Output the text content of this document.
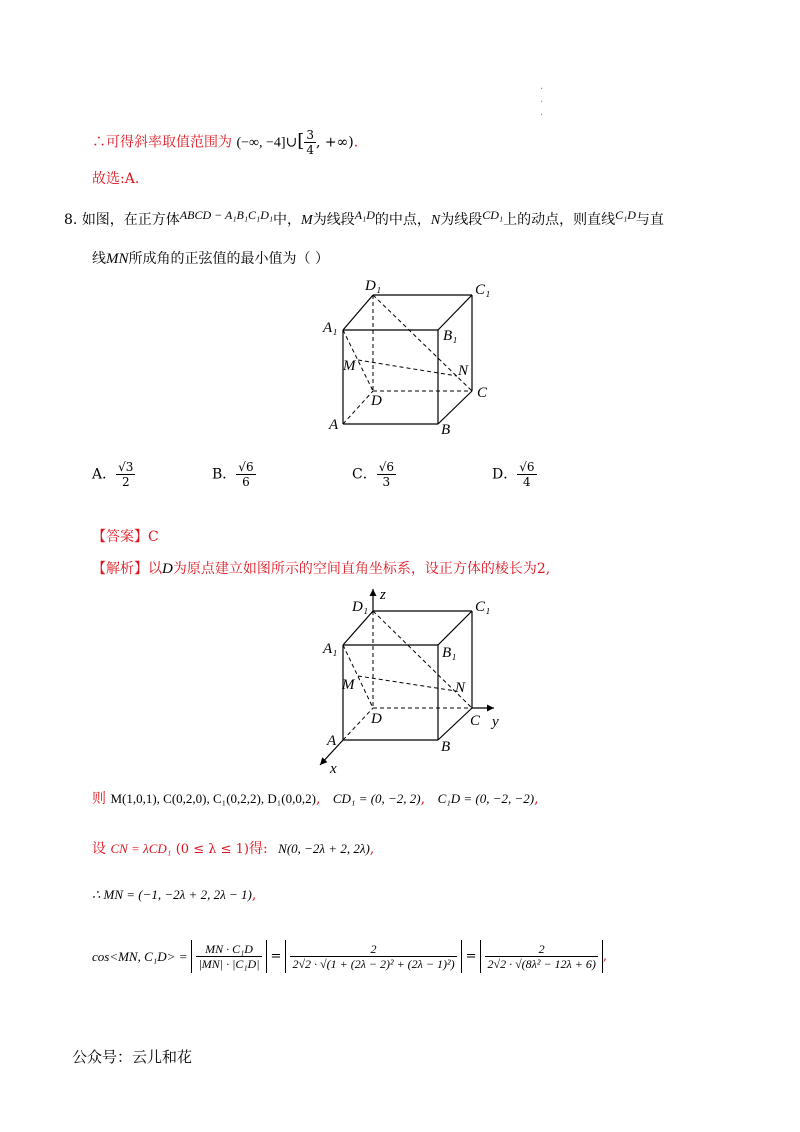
. . .
∴可得斜率取值范围为 (−∞, −4]∪[ $\frac{3}{4}$ , +∞).
故选:A.
8. 如图，在正方体ABCD − A₁B₁C₁D₁中，M为线段A₁D的中点，N为线段CD₁上的动点，则直线C₁D与直
线MN所成角的正弦值的最小值为（ ）
D₁	C₁
A₁	B₁
M	N
D	C
A	B
A． $\frac{√3}{2}$	B． $\frac{√6}{6}$	C． $\frac{√6}{3}$	D． $\frac{√6}{4}$
【答案】C
【解析】以D为原点建立如图所示的空间直角坐标系，设正方体的棱长为2,
z
D₁	C₁
A₁	B₁
M	N
D	C y
A	B
x
则 M(1,0,1), C(0,2,0), C₁(0,2,2), D₁(0,0,2), CD₁ = (0, −2, 2), C₁D = (0, −2, −2),
设 CN = λCD₁ (0 ≤ λ ≤ 1)得: N(0, −2λ + 2, 2λ),
∴ MN = (−1, −2λ + 2, 2λ − 1),
cos<MN, $C_1D> = \frac{\text{MN · C₁D}}{\text{|MN| · |C₁D|}} = \frac{2}{\text{2√2 · √(1 + (2λ − 2)² + (2λ − 1)²)}} = \frac{2}{\text{2√2 · √(8λ² − 12λ + 6)}}$ ,
公众号：云儿和花
